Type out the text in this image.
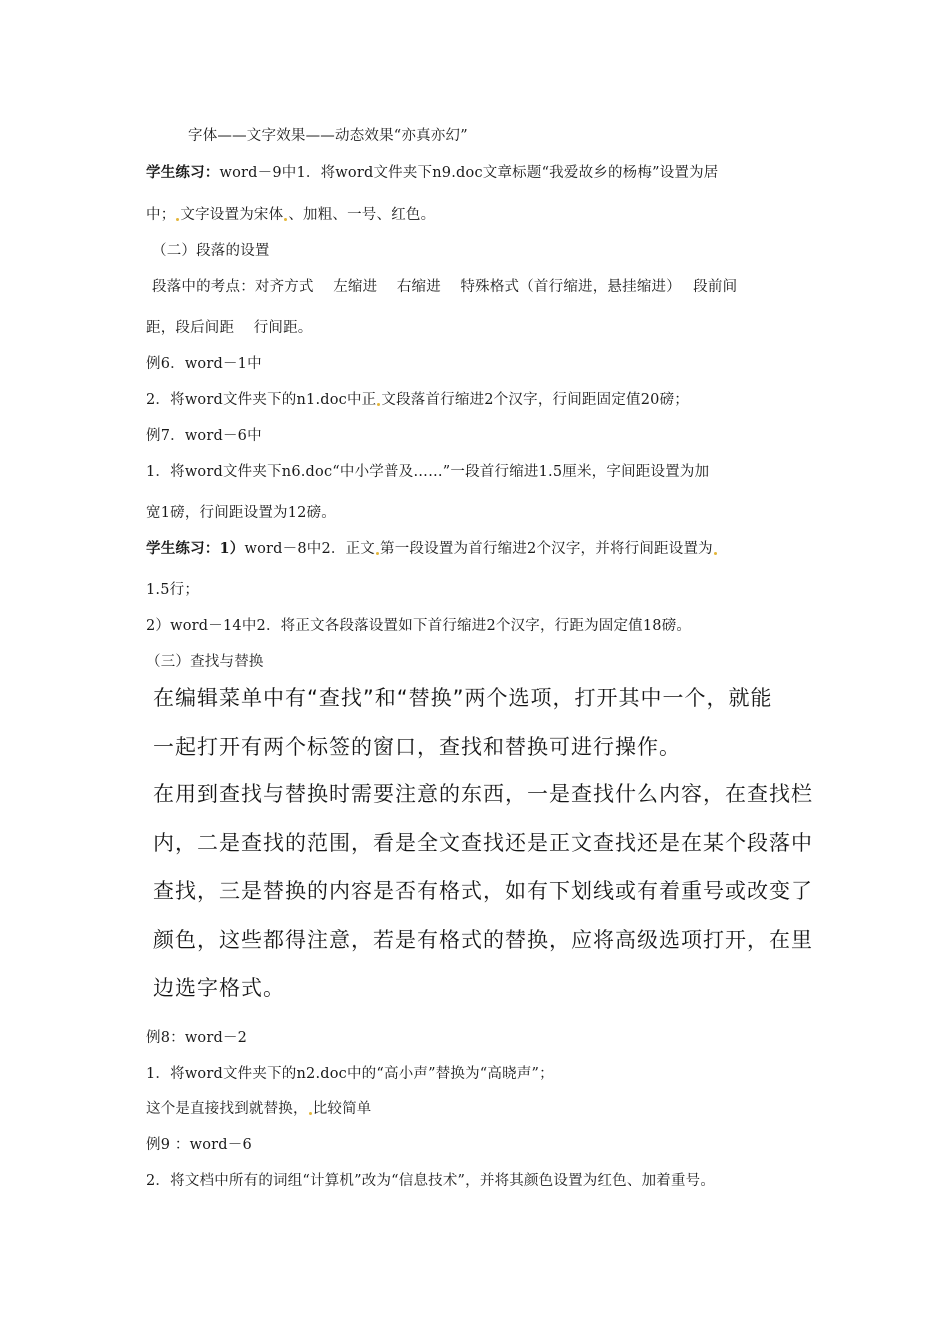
字体——文字效果——动态效果“亦真亦幻”
学生练习：word－9中1．将word文件夹下n9.doc文章标题“我爱故乡的杨梅”设置为居
中； 文字设置为宋体 、加粗、一号、红色。
（二）段落的设置
段落中的考点：对齐方式　 左缩进　 右缩进　 特殊格式（首行缩进，悬挂缩进）　 段前间
距，段后间距　 行间距。
例6．word－1中
2．将word文件夹下的n1.doc中正 文段落首行缩进2个汉字，行间距固定值20磅；
例7．word－6中
1．将word文件夹下n6.doc“中小学普及……”一段首行缩进1.5厘米，字间距设置为加
宽1磅，行间距设置为12磅。
学生练习：1）word－8中2．正文 第一段设置为首行缩进2个汉字，并将行间距设置为
1.5行；
2）word－14中2．将正文各段落设置如下首行缩进2个汉字，行距为固定值18磅。
（三）查找与替换
在编辑菜单中有“查找”和“替换”两个选项，打开其中一个，就能
一起打开有两个标签的窗口，查找和替换可进行操作。
在用到查找与替换时需要注意的东西，一是查找什么内容，在查找栏
内，二是查找的范围，看是全文查找还是正文查找还是在某个段落中
查找，三是替换的内容是否有格式，如有下划线或有着重号或改变了
颜色，这些都得注意，若是有格式的替换，应将高级选项打开，在里
边选字格式。
例8：word－2
1．将word文件夹下的n2.doc中的“高小声”替换为“高晓声”；
这个是直接找到就替换， 比较简单
例9 ：word－6
2．将文档中所有的词组“计算机”改为“信息技术”，并将其颜色设置为红色、加着重号。
